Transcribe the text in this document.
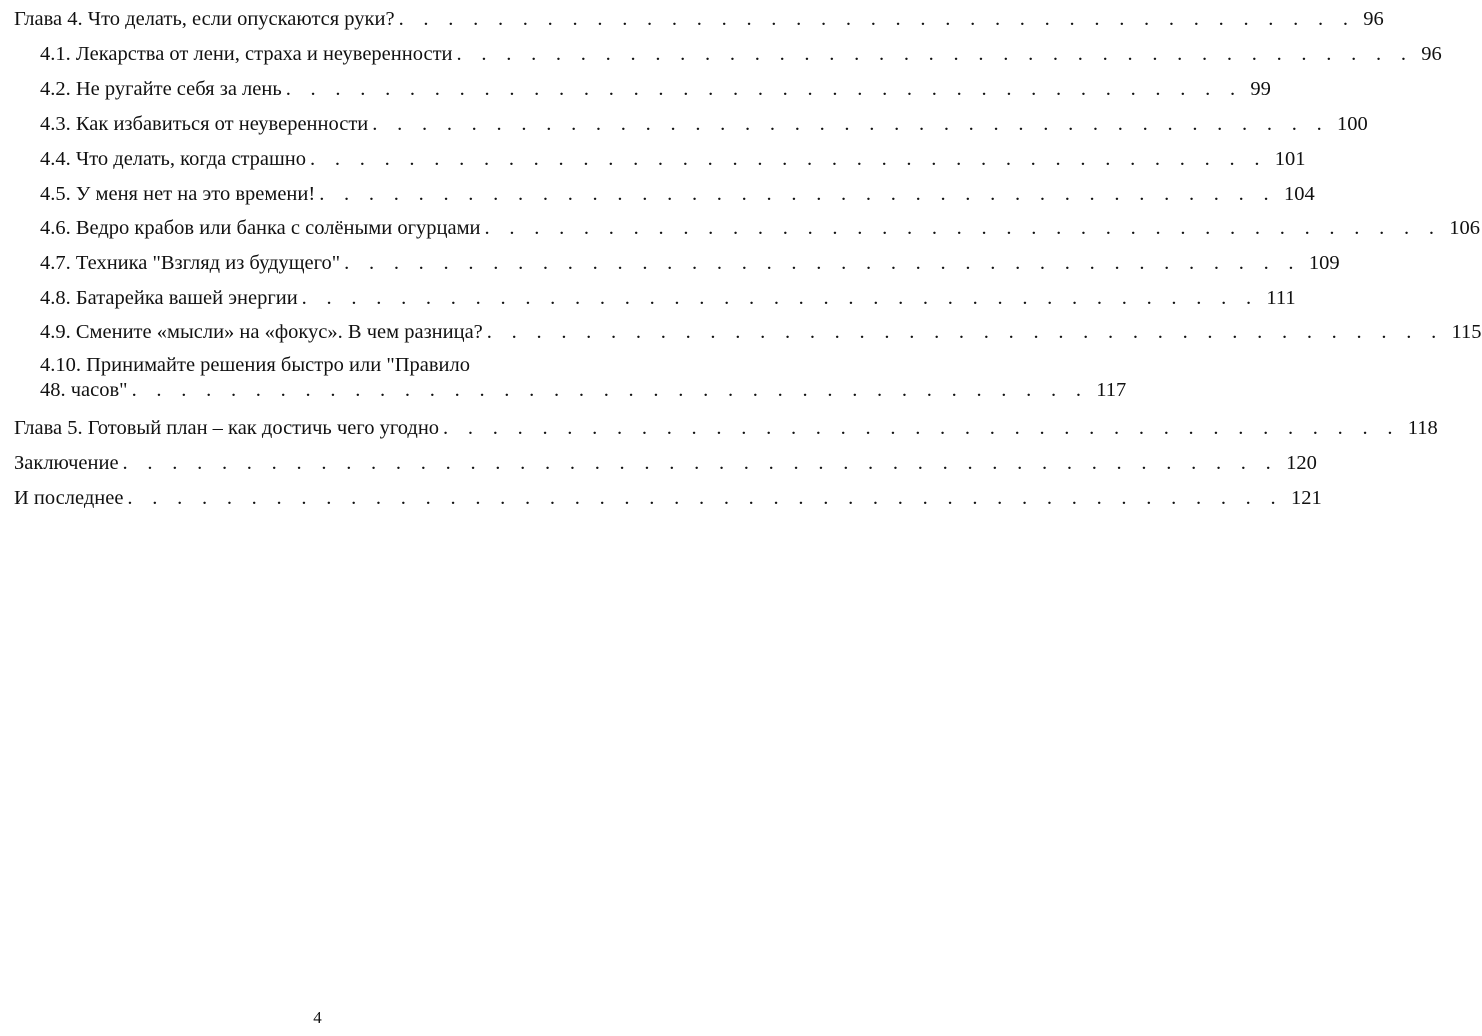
Глава 4. Что делать, если опускаются руки? . . . . . . . . . . . . . . . . . . . . . . . . . . . . . . . . . . . . . . . 96
4.1. Лекарства от лени, страха и неуверенности . . . . . . . . . . . . . . . . . . . . . . . . . . . . . . . . . . . . . . . 96
4.2. Не ругайте себя за лень . . . . . . . . . . . . . . . . . . . . . . . . . . . . . . . . . . . . . . . 99
4.3. Как избавиться от неуверенности . . . . . . . . . . . . . . . . . . . . . . . . . . . . . . . . . . . . . . . 100
4.4. Что делать, когда страшно . . . . . . . . . . . . . . . . . . . . . . . . . . . . . . . . . . . . . . . 101
4.5. У меня нет на это времени! . . . . . . . . . . . . . . . . . . . . . . . . . . . . . . . . . . . . . . . 104
4.6. Ведро крабов или банка с солёными огурцами . . . . . . . . . . . . . . . . . . . . . . . . . . . . . . . . . . . . . . . 106
4.7. Техника "Взгляд из будущего" . . . . . . . . . . . . . . . . . . . . . . . . . . . . . . . . . . . . . . . 109
4.8. Батарейка вашей энергии . . . . . . . . . . . . . . . . . . . . . . . . . . . . . . . . . . . . . . . 111
4.9. Смените «мысли» на «фокус». В чем разница? . . . . . . . . . . . . . . . . . . . . . . . . . . . . . . . . . . . . . . . 115
4.10. Принимайте решения быстро или "Правило
48. часов" . . . . . . . . . . . . . . . . . . . . . . . . . . . . . . . . . . . . . . . 117
Глава 5. Готовый план – как достичь чего угодно . . . . . . . . . . . . . . . . . . . . . . . . . . . . . . . . . . . . . . . 118
Заключение . . . . . . . . . . . . . . . . . . . . . . . . . . . . . . . . . . . . . . . . . . . . . . . 120
И последнее . . . . . . . . . . . . . . . . . . . . . . . . . . . . . . . . . . . . . . . . . . . . . . . 121
4
